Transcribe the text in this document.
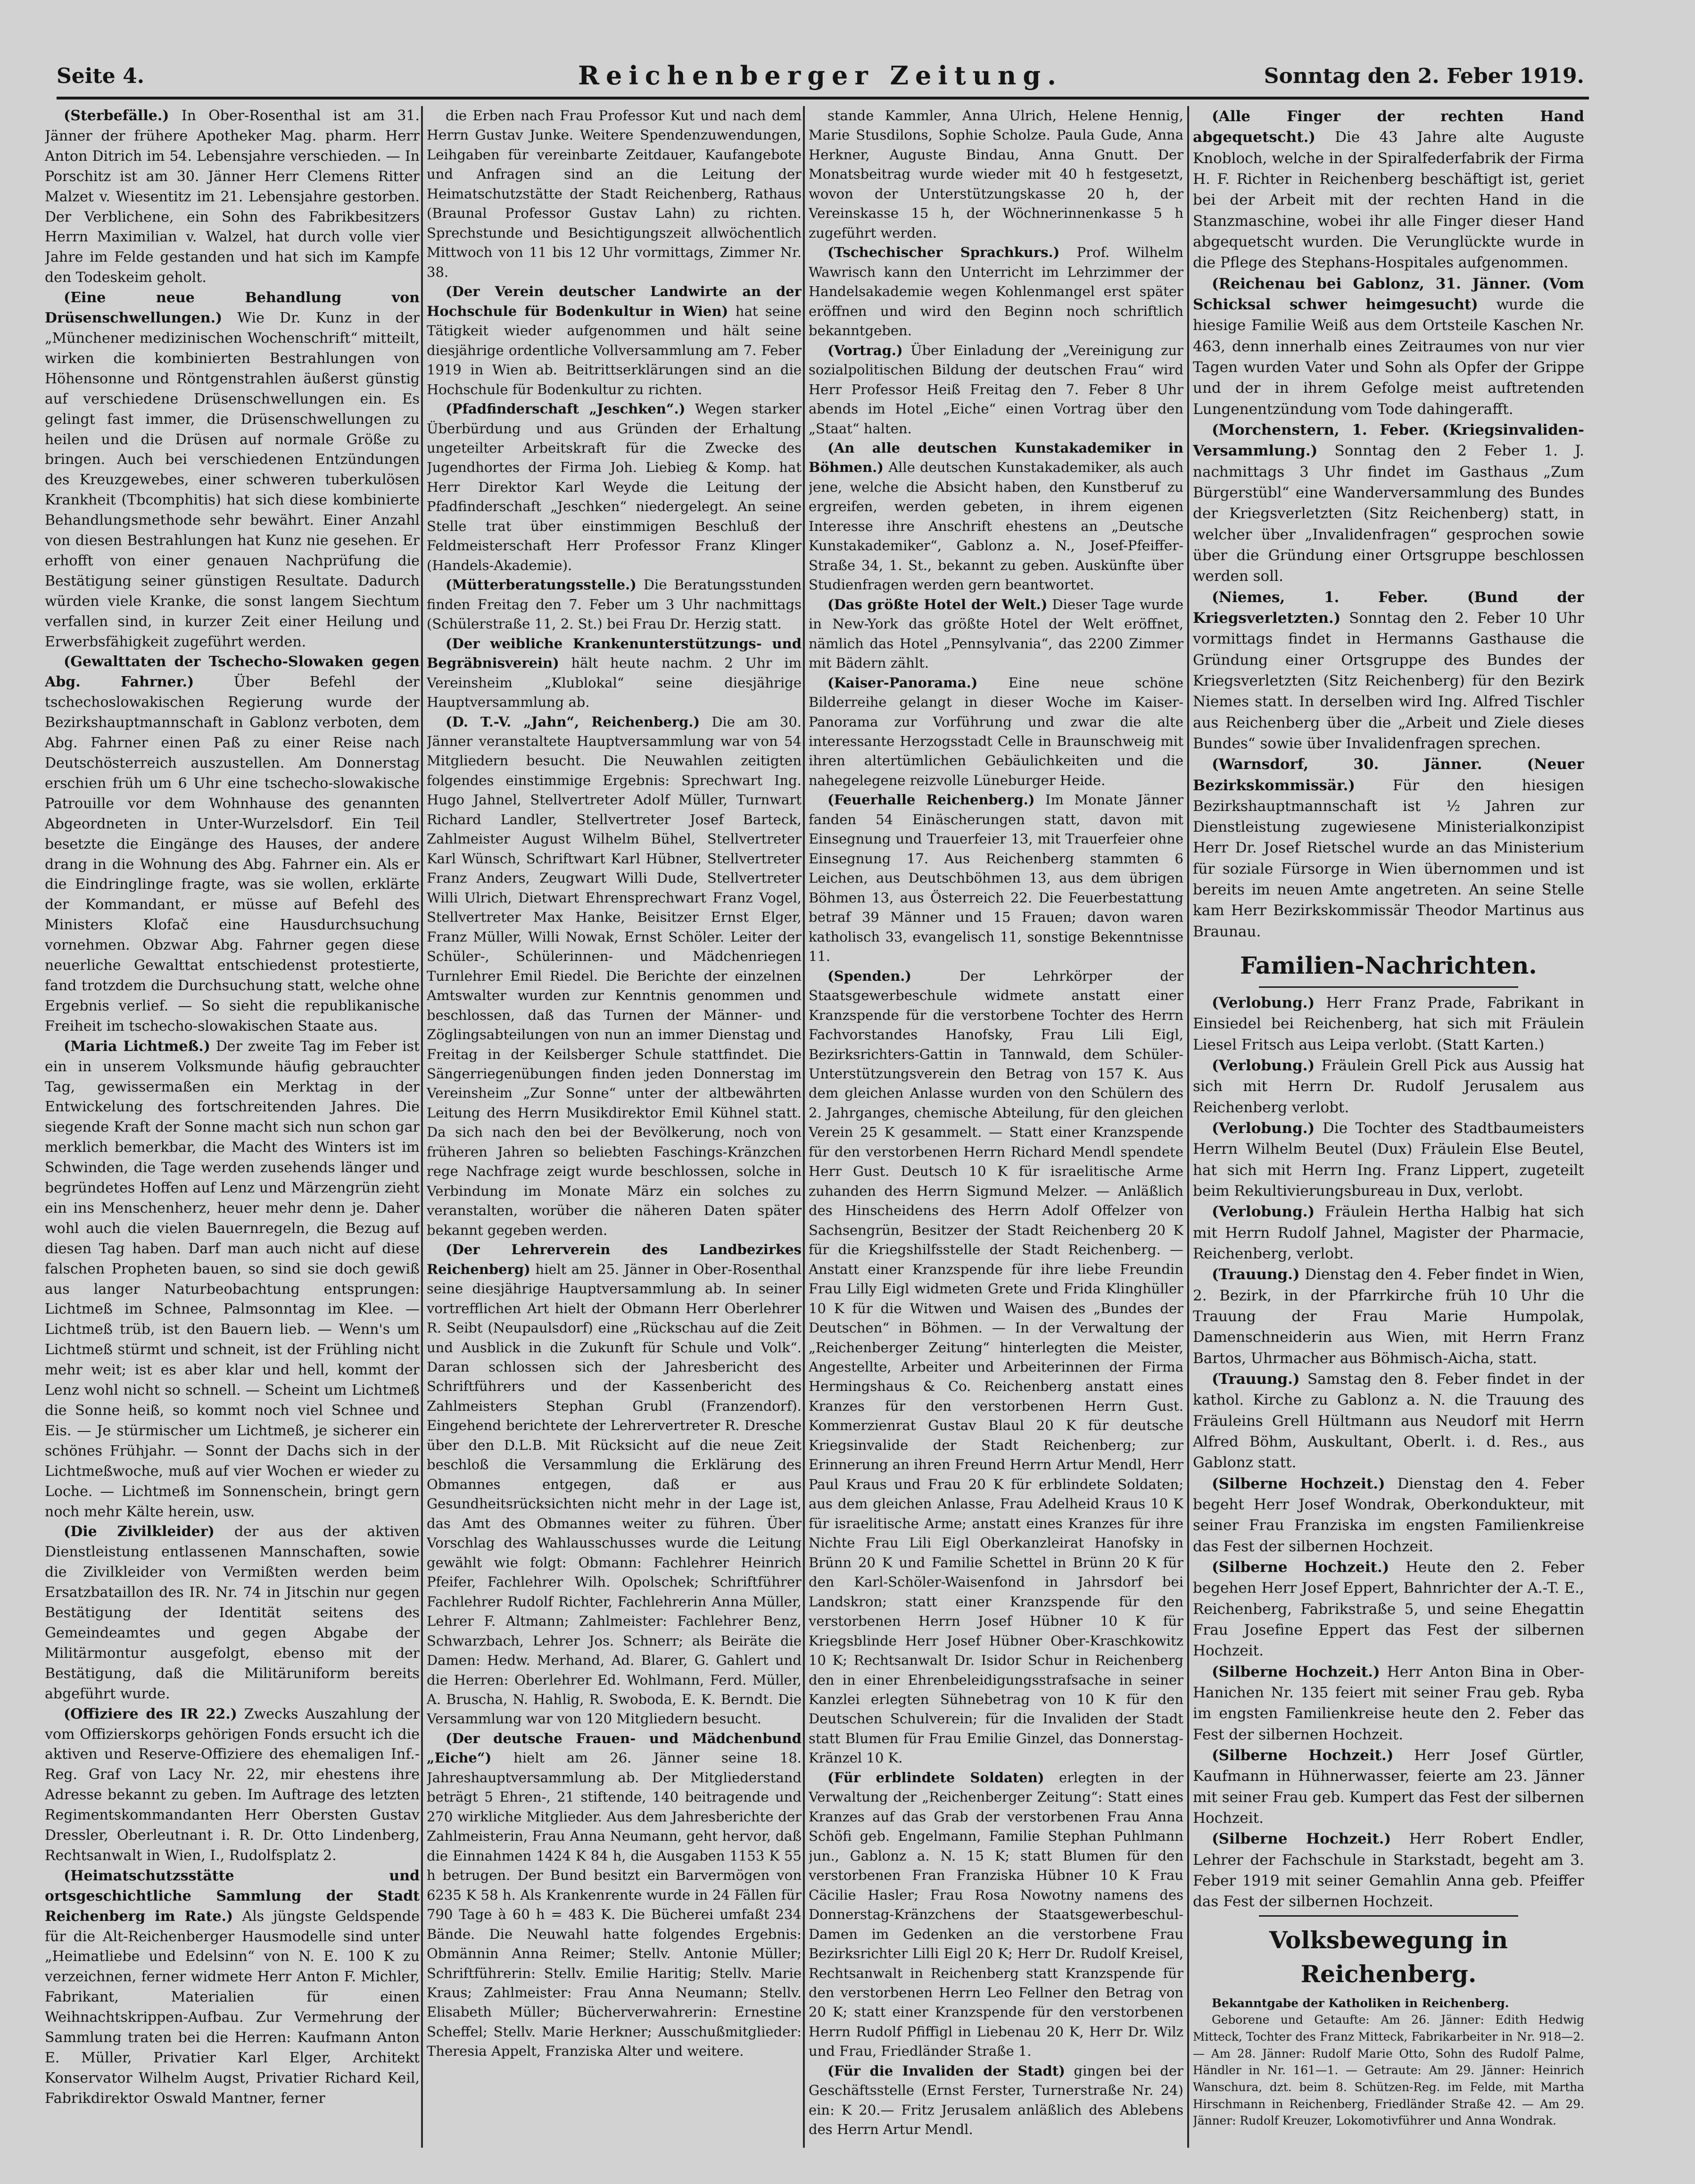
Seite 4.	Reichenberger Zeitung.	Sonntag den 2. Feber 1919.

(Sterbefälle.) In Ober-Rosenthal ist am 31. Jänner der frühere Apotheker Mag. pharm. Herr Anton Ditrich im 54. Lebensjahre verschieden. — In Porschitz ist am 30. Jänner Herr Clemens Ritter Malzet v. Wiesentitz im 21. Lebensjahre gestorben. Der Verblichene, ein Sohn des Fabrikbesitzers Herrn Maximilian v. Walzel, hat durch volle vier Jahre im Felde gestanden und hat sich im Kampfe den Todeskeim geholt.

(Eine neue Behandlung von Drüsenschwellungen.) Wie Dr. Kunz in der „Münchener medizinischen Wochenschrift“ mitteilt, wirken die kombinierten Bestrahlungen von Höhensonne und Röntgenstrahlen äußerst günstig auf verschiedene Drüsenschwellungen ein. Es gelingt fast immer, die Drüsenschwellungen zu heilen und die Drüsen auf normale Größe zu bringen. Auch bei verschiedenen Entzündungen des Kreuzgewebes, einer schweren tuberkulösen Krankheit (Tbcomphitis) hat sich diese kombinierte Behandlungsmethode sehr bewährt. Einer Anzahl von diesen Bestrahlungen hat Kunz nie gesehen. Er erhofft von einer genauen Nachprüfung die Bestätigung seiner günstigen Resultate. Dadurch würden viele Kranke, die sonst langem Siechtum verfallen sind, in kurzer Zeit einer Heilung und Erwerbsfähigkeit zugeführt werden.

(Gewalttaten der Tschecho-Slowaken gegen Abg. Fahrner.)	Über Befehl der tschechoslowakischen Regierung wurde der Bezirkshauptmannschaft in Gablonz verboten, dem Abg. Fahrner einen Paß zu einer Reise nach Deutschösterreich auszustellen. Am Donnerstag erschien früh um 6 Uhr eine tschecho-slowakische Patrouille vor dem Wohnhause des genannten Abgeordneten in Unter-Wurzelsdorf. Ein Teil besetzte die Eingänge des Hauses, der andere drang in die Wohnung des Abg. Fahrner ein. Als er die Eindringlinge fragte, was sie wollen, erklärte der Kommandant, er müsse auf Befehl des Ministers Klofač eine Hausdurchsuchung vornehmen. Obzwar Abg. Fahrner gegen diese neuerliche Gewalttat entschiedenst protestierte, fand trotzdem die Durchsuchung statt, welche ohne Ergebnis verlief. — So sieht die republikanische Freiheit im tschecho-slowakischen Staate aus.

(Maria Lichtmeß.) Der zweite Tag im Feber ist ein in unserem Volksmunde häufig gebrauchter Tag, gewissermaßen ein Merktag in der Entwickelung des fortschreitenden Jahres. Die siegende Kraft der Sonne macht sich nun schon gar merklich bemerkbar, die Macht des Winters ist im Schwinden, die Tage werden zusehends länger und begründetes Hoffen auf Lenz und Märzengrün zieht ein ins Menschenherz, heuer mehr denn je. Daher wohl auch die vielen Bauernregeln, die Bezug auf diesen Tag haben. Darf man auch nicht auf diese falschen Propheten bauen, so sind sie doch gewiß aus langer Naturbeobachtung entsprungen: Lichtmeß im Schnee, Palmsonntag im Klee. — Lichtmeß trüb, ist den Bauern lieb. — Wenn's um Lichtmeß stürmt und schneit, ist der Frühling nicht mehr weit; ist es aber klar und hell, kommt der Lenz wohl nicht so schnell. — Scheint um Lichtmeß die Sonne heiß, so kommt noch viel Schnee und Eis. — Je stürmischer um Lichtmeß, je sicherer ein schönes Frühjahr. — Sonnt der Dachs sich in der Lichtmeßwoche, muß auf vier Wochen er wieder zu Loche. — Lichtmeß im Sonnenschein, bringt gern noch mehr Kälte herein, usw.

(Die Zivilkleider) der aus der aktiven Dienstleistung entlassenen Mannschaften, sowie die Zivilkleider von Vermißten werden beim Ersatzbataillon des IR. Nr. 74 in Jitschin nur gegen Bestätigung der Identität seitens des Gemeindeamtes und gegen Abgabe der Militärmontur ausgefolgt, ebenso mit der Bestätigung, daß die Militäruniform bereits abgeführt wurde.

(Offiziere des IR 22.) Zwecks Auszahlung der vom Offizierskorps gehörigen Fonds ersucht ich die aktiven und Reserve-Offiziere des ehemaligen Inf.-Reg. Graf von Lacy Nr. 22, mir ehestens ihre Adresse bekannt zu geben. Im Auftrage des letzten Regimentskommandanten Herr Obersten Gustav Dressler, Oberleutnant i. R. Dr. Otto Lindenberg, Rechtsanwalt in Wien, I., Rudolfsplatz 2.

(Heimatschutzsstätte und ortsgeschichtliche Sammlung der Stadt Reichenberg im Rate.) Als jüngste Geldspende für die Alt-Reichenberger Hausmodelle sind unter „Heimatliebe und Edelsinn“ von N. E. 100 K zu verzeichnen, ferner widmete Herr Anton F. Michler, Fabrikant, Materialien für einen Weihnachtskrippen-Aufbau. Zur Vermehrung der Sammlung traten bei die Herren: Kaufmann Anton E. Müller, Privatier Karl Elger, Architekt Konservator Wilhelm Augst, Privatier Richard Keil, Fabrikdirektor Oswald Mantner, ferner

die Erben nach Frau Professor Kut und nach dem Herrn Gustav Junke. Weitere Spendenzuwendungen, Leihgaben für vereinbarte Zeitdauer, Kaufangebote und Anfragen sind an die Leitung der Heimatschutzstätte der Stadt Reichenberg, Rathaus (Braunal Professor Gustav Lahn) zu richten. Sprechstunde und Besichtigungszeit allwöchentlich Mittwoch von 11 bis 12 Uhr vormittags, Zimmer Nr. 38.

(Der Verein deutscher Landwirte an der Hochschule für Bodenkultur in Wien) hat seine Tätigkeit wieder aufgenommen und hält seine diesjährige ordentliche Vollversammlung am 7. Feber 1919 in Wien ab. Beitrittserklärungen sind an die Hochschule für Bodenkultur zu richten.

(Pfadfinderschaft „Jeschken“.) Wegen starker Überbürdung und aus Gründen der Erhaltung ungeteilter Arbeitskraft für die Zwecke des Jugendhortes der Firma Joh. Liebieg & Komp. hat Herr Direktor Karl Weyde die Leitung der Pfadfinderschaft „Jeschken“ niedergelegt. An seine Stelle trat über einstimmigen Beschluß der Feldmeisterschaft Herr Professor Franz Klinger (Handels-Akademie).

(Mütterberatungsstelle.) Die Beratungsstunden finden Freitag den 7. Feber um 3 Uhr nachmittags (Schülerstraße 11, 2. St.) bei Frau Dr. Herzig statt.

(Der weibliche Krankenunterstützungs- und Begräbnisverein) hält heute nachm. 2 Uhr im Vereinsheim „Klublokal“ seine diesjährige Hauptversammlung ab.

(D. T.-V. „Jahn“, Reichenberg.) Die am 30. Jänner veranstaltete Hauptversammlung war von 54 Mitgliedern besucht. Die Neuwahlen zeitigten folgendes einstimmige Ergebnis: Sprechwart Ing. Hugo Jahnel, Stellvertreter Adolf Müller, Turnwart Richard Landler, Stellvertreter Josef Barteck, Zahlmeister August Wilhelm Bühel, Stellvertreter Karl Wünsch, Schriftwart Karl Hübner, Stellvertreter Franz Anders, Zeugwart Willi Dude, Stellvertreter Willi Ulrich, Dietwart Ehrensprechwart Franz Vogel, Stellvertreter Max Hanke, Beisitzer Ernst Elger, Franz Müller, Willi Nowak, Ernst Schöler. Leiter der Schüler-, Schülerinnen- und Mädchenriegen Turnlehrer Emil Riedel. Die Berichte der einzelnen Amtswalter wurden zur Kenntnis genommen und beschlossen, daß das Turnen der Männer- und Zöglingsabteilungen von nun an immer Dienstag und Freitag in der Keilsberger Schule stattfindet. Die Sängerriegenübungen finden jeden Donnerstag im Vereinsheim „Zur Sonne“ unter der altbewährten Leitung des Herrn Musikdirektor Emil Kühnel statt. Da sich nach den bei der Bevölkerung, noch von früheren Jahren so beliebten Faschings-Kränzchen rege Nachfrage zeigt wurde beschlossen, solche in Verbindung im Monate März ein solches zu veranstalten, worüber die näheren Daten später bekannt gegeben werden.

(Der Lehrerverein des Landbezirkes Reichenberg) hielt am 25. Jänner in Ober-Rosenthal seine diesjährige Hauptversammlung ab. In seiner vortrefflichen Art hielt der Obmann Herr Oberlehrer R. Seibt (Neupaulsdorf) eine „Rückschau auf die Zeit und Ausblick in die Zukunft für Schule und Volk“. Daran schlossen sich der Jahresbericht des Schriftführers und der Kassenbericht des Zahlmeisters Stephan Grubl (Franzendorf). Eingehend berichtete der Lehrervertreter R. Dresche über den D.L.B. Mit Rücksicht auf die neue Zeit beschloß die Versammlung die Erklärung des Obmannes entgegen, daß er aus Gesundheitsrücksichten nicht mehr in der Lage ist, das Amt des Obmannes weiter zu führen. Über Vorschlag des Wahlausschusses wurde die Leitung gewählt wie folgt: Obmann: Fachlehrer Heinrich Pfeifer, Fachlehrer Wilh. Opolschek; Schriftführer Fachlehrer Rudolf Richter, Fachlehrerin Anna Müller, Lehrer F. Altmann; Zahlmeister: Fachlehrer Benz, Schwarzbach, Lehrer Jos. Schnerr; als Beiräte die Damen: Hedw. Merhand, Ad. Blarer, G. Gahlert und die Herren: Oberlehrer Ed. Wohlmann, Ferd. Müller, A. Bruscha, N. Hahlig, R. Swoboda, E. K. Berndt. Die Versammlung war von 120 Mitgliedern besucht.

(Der deutsche Frauen- und Mädchenbund „Eiche“) hielt am 26. Jänner seine 18. Jahreshauptversammlung ab. Der Mitgliederstand beträgt 5 Ehren-, 21 stiftende, 140 beitragende und 270 wirkliche Mitglieder. Aus dem Jahresberichte der Zahlmeisterin, Frau Anna Neumann, geht hervor, daß die Einnahmen 1424 K 84 h, die Ausgaben 1153 K 55 h betrugen. Der Bund besitzt ein Barvermögen von 6235 K 58 h. Als Krankenrente wurde in 24 Fällen für 790 Tage à 60 h = 483 K. Die Bücherei umfaßt 234 Bände. Die Neuwahl hatte folgendes Ergebnis: Obmännin Anna Reimer; Stellv. Antonie Müller; Schriftführerin: Stellv. Emilie Haritig; Stellv. Marie Kraus; Zahlmeister: Frau Anna Neumann; Stellv. Elisabeth Müller; Bücherverwahrerin: Ernestine Scheffel; Stellv. Marie Herkner; Ausschußmitglieder: Theresia Appelt, Franziska Alter und weitere.

stande Kammler, Anna Ulrich, Helene Hennig, Marie Stusdilons, Sophie Scholze. Paula Gude, Anna Herkner, Auguste Bindau, Anna Gnutt. Der Monatsbeitrag wurde wieder mit 40 h festgesetzt, wovon der Unterstützungskasse 20 h, der Vereinskasse 15 h, der Wöchnerinnenkasse 5 h zugeführt werden.

(Tschechischer Sprachkurs.) Prof. Wilhelm Wawrisch kann den Unterricht im Lehrzimmer der Handelsakademie wegen Kohlenmangel erst später eröffnen und wird den Beginn noch schriftlich bekanntgeben.

(Vortrag.) Über Einladung der „Vereinigung zur sozialpolitischen Bildung der deutschen Frau“ wird Herr Professor Heiß Freitag den 7. Feber 8 Uhr abends im Hotel „Eiche“ einen Vortrag über den „Staat“ halten.

(An alle deutschen Kunstakademiker in Böhmen.) Alle deutschen Kunstakademiker, als auch jene, welche die Absicht haben, den Kunstberuf zu ergreifen, werden gebeten, in ihrem eigenen Interesse ihre Anschrift ehestens an „Deutsche Kunstakademiker“, Gablonz a. N., Josef-Pfeiffer-Straße 34, 1. St., bekannt zu geben. Auskünfte über Studienfragen werden gern beantwortet.

(Das größte Hotel der Welt.) Dieser Tage wurde in New-York das größte Hotel der Welt eröffnet, nämlich das Hotel „Pennsylvania“, das 2200 Zimmer mit Bädern zählt.

(Kaiser-Panorama.) Eine neue schöne Bilderreihe gelangt in dieser Woche im Kaiser-Panorama zur Vorführung und zwar die alte interessante Herzogsstadt Celle in Braunschweig mit ihren altertümlichen Gebäulichkeiten und die nahegelegene reizvolle Lüneburger Heide.

(Feuerhalle Reichenberg.) Im Monate Jänner fanden 54 Einäscherungen statt, davon mit Einsegnung und Trauerfeier 13, mit Trauerfeier ohne Einsegnung 17. Aus Reichenberg stammten 6 Leichen, aus Deutschböhmen 13, aus dem übrigen Böhmen 13, aus Österreich 22. Die Feuerbestattung betraf 39 Männer und 15 Frauen; davon waren katholisch 33, evangelisch 11, sonstige Bekenntnisse 11.

(Spenden.)	Der Lehrkörper der Staatsgewerbeschule widmete anstatt einer Kranzspende für die verstorbene Tochter des Herrn Fachvorstandes Hanofsky, Frau Lili Eigl, Bezirksrichters-Gattin in Tannwald, dem Schüler-Unterstützungsverein den Betrag von 157 K. Aus dem gleichen Anlasse wurden von den Schülern des 2. Jahrganges, chemische Abteilung, für den gleichen Verein 25 K gesammelt. — Statt einer Kranzspende für den verstorbenen Herrn Richard Mendl spendete Herr Gust. Deutsch 10 K für israelitische Arme zuhanden des Herrn Sigmund Melzer. — Anläßlich des Hinscheidens des Herrn Adolf Offelzer von Sachsengrün, Besitzer der Stadt Reichenberg 20 K für die Kriegshilfsstelle der Stadt Reichenberg. — Anstatt einer Kranzspende für ihre liebe Freundin Frau Lilly Eigl widmeten Grete und Frida Klinghüller 10 K für die Witwen und Waisen des „Bundes der Deutschen“ in Böhmen. — In der Verwaltung der „Reichenberger Zeitung“ hinterlegten die Meister, Angestellte, Arbeiter und Arbeiterinnen der Firma Hermingshaus & Co. Reichenberg anstatt eines Kranzes für den verstorbenen Herrn Gust. Kommerzienrat Gustav Blaul 20 K für deutsche Kriegsinvalide der Stadt Reichenberg; zur Erinnerung an ihren Freund Herrn Artur Mendl, Herr Paul Kraus und Frau 20 K für erblindete Soldaten; aus dem gleichen Anlasse, Frau Adelheid Kraus 10 K für israelitische Arme; anstatt eines Kranzes für ihre Nichte Frau Lili Eigl Oberkanzleirat Hanofsky in Brünn 20 K und Familie Schettel in Brünn 20 K für den Karl-Schöler-Waisenfond in Jahrsdorf bei Landskron; statt einer Kranzspende für den verstorbenen Herrn Josef Hübner 10 K für Kriegsblinde Herr Josef Hübner Ober-Kraschkowitz 10 K; Rechtsanwalt Dr. Isidor Schur in Reichenberg den in einer Ehrenbeleidigungsstrafsache in seiner Kanzlei erlegten Sühnebetrag von 10 K für den Deutschen Schulverein; für die Invaliden der Stadt statt Blumen für Frau Emilie Ginzel, das Donnerstag-Kränzel 10 K.

(Für erblindete Soldaten) erlegten in der Verwaltung der „Reichenberger Zeitung“: Statt eines Kranzes auf das Grab der verstorbenen Frau Anna Schöfi geb. Engelmann, Familie Stephan Puhlmann jun., Gablonz a. N. 15 K; statt Blumen für den verstorbenen Fran Franziska Hübner 10 K Frau Cäcilie Hasler; Frau Rosa Nowotny namens des Donnerstag-Kränzchens der Staatsgewerbeschul-Damen im Gedenken an die verstorbene Frau Bezirksrichter Lilli Eigl 20 K; Herr Dr. Rudolf Kreisel, Rechtsanwalt in Reichenberg statt Kranzspende für den verstorbenen Herrn Leo Fellner den Betrag von 20 K; statt einer Kranzspende für den verstorbenen Herrn Rudolf Pfiffigl in Liebenau 20 K, Herr Dr. Wilz und Frau, Friedländer Straße 1.

(Für die Invaliden der Stadt) gingen bei der Geschäftsstelle (Ernst Ferster, Turnerstraße Nr. 24) ein: K 20.— Fritz Jerusalem anläßlich des Ablebens des Herrn Artur Mendl.

(Alle Finger der rechten Hand abgequetscht.) Die 43 Jahre alte Auguste Knobloch, welche in der Spiralfederfabrik der Firma H. F. Richter in Reichenberg beschäftigt ist, geriet bei der Arbeit mit der rechten Hand in die Stanzmaschine, wobei ihr alle Finger dieser Hand abgequetscht wurden. Die Verunglückte wurde in die Pflege des Stephans-Hospitales aufgenommen.

(Reichenau bei Gablonz, 31. Jänner. (Vom Schicksal schwer heimgesucht) wurde die hiesige Familie Weiß aus dem Ortsteile Kaschen Nr. 463, denn innerhalb eines Zeitraumes von nur vier Tagen wurden Vater und Sohn als Opfer der Grippe und der in ihrem Gefolge meist auftretenden Lungenentzündung vom Tode dahingerafft.

(Morchenstern, 1. Feber. (Kriegsinvaliden-Versammlung.) Sonntag den 2 Feber 1. J. nachmittags 3 Uhr findet im Gasthaus „Zum Bürgerstübl“ eine Wanderversammlung des Bundes der Kriegsverletzten (Sitz Reichenberg) statt, in welcher über „Invalidenfragen“ gesprochen sowie über die Gründung einer Ortsgruppe beschlossen werden soll.

(Niemes, 1. Feber. (Bund der Kriegsverletzten.) Sonntag den 2. Feber 10 Uhr vormittags findet in Hermanns Gasthause die Gründung einer Ortsgruppe des Bundes der Kriegsverletzten (Sitz Reichenberg) für den Bezirk Niemes statt. In derselben wird Ing. Alfred Tischler aus Reichenberg über die „Arbeit und Ziele dieses Bundes“ sowie über Invalidenfragen sprechen.

(Warnsdorf, 30. Jänner. (Neuer Bezirkskommissär.)	Für den hiesigen Bezirkshauptmannschaft ist ½ Jahren zur Dienstleistung zugewiesene Ministerialkonzipist Herr Dr. Josef Rietschel wurde an das Ministerium für soziale Fürsorge in Wien übernommen und ist bereits im neuen Amte angetreten. An seine Stelle kam Herr Bezirkskommissär Theodor Martinus aus Braunau.

Familien-Nachrichten.

(Verlobung.) Herr Franz Prade, Fabrikant in Einsiedel bei Reichenberg, hat sich mit Fräulein Liesel Fritsch aus Leipa verlobt. (Statt Karten.)

(Verlobung.) Fräulein Grell Pick aus Aussig hat sich mit Herrn Dr. Rudolf Jerusalem aus Reichenberg verlobt.

(Verlobung.) Die Tochter des Stadtbaumeisters Herrn Wilhelm Beutel (Dux) Fräulein Else Beutel, hat sich mit Herrn Ing. Franz Lippert, zugeteilt beim Rekultivierungsbureau in Dux, verlobt.

(Verlobung.) Fräulein Hertha Halbig hat sich mit Herrn Rudolf Jahnel, Magister der Pharmacie, Reichenberg, verlobt.

(Trauung.) Dienstag den 4. Feber findet in Wien, 2. Bezirk, in der Pfarrkirche früh 10 Uhr die Trauung der Frau Marie Humpolak, Damenschneiderin aus Wien, mit Herrn Franz Bartos, Uhrmacher aus Böhmisch-Aicha, statt.

(Trauung.) Samstag den 8. Feber findet in der kathol. Kirche zu Gablonz a. N. die Trauung des Fräuleins Grell Hültmann aus Neudorf mit Herrn Alfred Böhm, Auskultant, Oberlt. i. d. Res., aus Gablonz statt.

(Silberne Hochzeit.) Dienstag den 4. Feber begeht Herr Josef Wondrak, Oberkondukteur, mit seiner Frau Franziska im engsten Familienkreise das Fest der silbernen Hochzeit.

(Silberne Hochzeit.) Heute den 2. Feber begehen Herr Josef Eppert, Bahnrichter der A.-T. E., Reichenberg, Fabrikstraße 5, und seine Ehegattin Frau Josefine Eppert das Fest der silbernen Hochzeit.

(Silberne Hochzeit.) Herr Anton Bina in Ober-Hanichen Nr. 135 feiert mit seiner Frau geb. Ryba im engsten Familienkreise heute den 2. Feber das Fest der silbernen Hochzeit.

(Silberne Hochzeit.) Herr Josef Gürtler, Kaufmann in Hühnerwasser, feierte am 23. Jänner mit seiner Frau geb. Kumpert das Fest der silbernen Hochzeit.

(Silberne Hochzeit.) Herr Robert Endler, Lehrer der Fachschule in Starkstadt, begeht am 3. Feber 1919 mit seiner Gemahlin Anna geb. Pfeiffer das Fest der silbernen Hochzeit.

Volksbewegung in Reichenberg.

Bekanntgabe der Katholiken in Reichenberg.

Geborene und Getaufte: Am 26. Jänner: Edith Hedwig Mitteck, Tochter des Franz Mitteck, Fabrikarbeiter in Nr. 918—2. — Am 28. Jänner: Rudolf Marie Otto, Sohn des Rudolf Palme, Händler in Nr. 161—1. — Getraute: Am 29. Jänner: Heinrich Wanschura, dzt. beim 8. Schützen-Reg. im Felde, mit Martha Hirschmann in Reichenberg, Friedländer Straße 42. — Am 29. Jänner: Rudolf Kreuzer, Lokomotivführer und Anna Wondrak.
